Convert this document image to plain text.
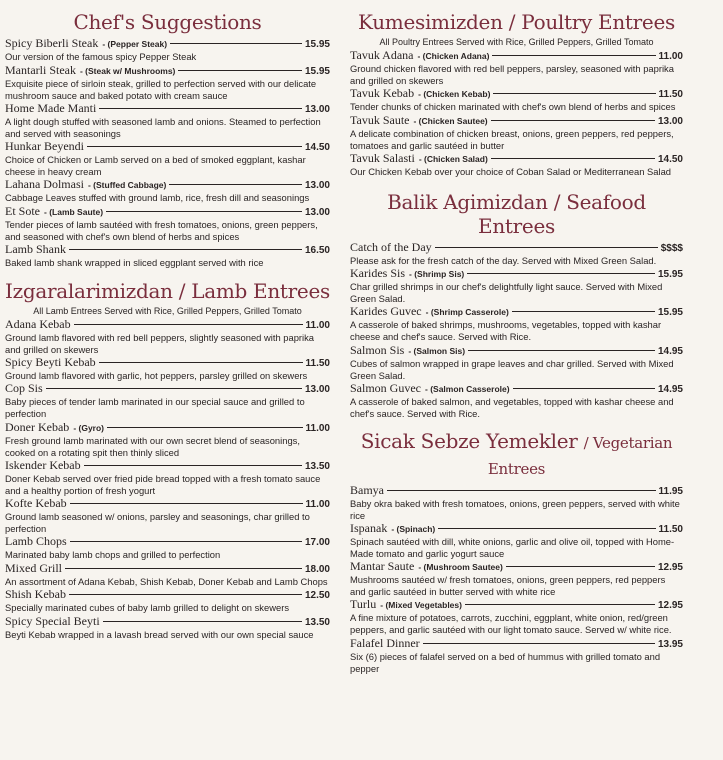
Chef's Suggestions
Spicy Biberli Steak - (Pepper Steak)	15.95
Our version of the famous spicy Pepper Steak
Mantarli Steak - (Steak w/ Mushrooms)	15.95
Exquisite piece of sirloin steak, grilled to perfection served with our delicate mushroom sauce and baked potato with cream sauce
Home Made Manti	13.00
A light dough stuffed with seasoned lamb and onions. Steamed to perfection and served with seasonings
Hunkar Beyendi	14.50
Choice of Chicken or Lamb served on a bed of smoked eggplant, kashar cheese in heavy cream
Lahana Dolmasi - (Stuffed Cabbage)	13.00
Cabbage Leaves stuffed with ground lamb, rice, fresh dill and seasonings
Et Sote - (Lamb Saute)	13.00
Tender pieces of lamb sautéed with fresh tomatoes, onions, green peppers, and seasoned with chef's own blend of herbs and spices
Lamb Shank	16.50
Baked lamb shank wrapped in sliced eggplant served with rice
Izgaralarimizdan / Lamb Entrees
All Lamb Entrees Served with Rice, Grilled Peppers, Grilled Tomato
Adana Kebab	11.00
Ground lamb flavored with red bell peppers, slightly seasoned with paprika and grilled on skewers
Spicy Beyti Kebab	11.50
Ground lamb flavored with garlic, hot peppers, parsley grilled on skewers
Cop Sis	13.00
Baby pieces of tender lamb marinated in our special sauce and grilled to perfection
Doner Kebab - (Gyro)	11.00
Fresh ground lamb marinated with our own secret blend of seasonings, cooked on a rotating spit then thinly sliced
Iskender Kebab	13.50
Doner Kebab served over fried pide bread topped with a fresh tomato sauce and a healthy portion of fresh yogurt
Kofte Kebab	11.00
Ground lamb seasoned w/ onions, parsley and seasonings, char grilled to perfection
Lamb Chops	17.00
Marinated baby lamb chops and grilled to perfection
Mixed Grill	18.00
An assortment of Adana Kebab, Shish Kebab, Doner Kebab and Lamb Chops
Shish Kebab	12.50
Specially marinated cubes of baby lamb grilled to delight on skewers
Spicy Special Beyti	13.50
Beyti Kebab wrapped in a lavash bread served with our own special sauce
Kumesimizden / Poultry Entrees
All Poultry Entrees Served with Rice, Grilled Peppers, Grilled Tomato
Tavuk Adana - (Chicken Adana)	11.00
Ground chicken flavored with red bell peppers, parsley, seasoned with paprika and grilled on skewers
Tavuk Kebab - (Chicken Kebab)	11.50
Tender chunks of chicken marinated with chef's own blend of herbs and spices
Tavuk Saute - (Chicken Sautee)	13.00
A delicate combination of chicken breast, onions, green peppers, red peppers, tomatoes and garlic sautéed in butter
Tavuk Salasti - (Chicken Salad)	14.50
Our Chicken Kebab over your choice of Coban Salad or Mediterranean Salad
Balik Agimizdan / Seafood Entrees
Catch of the Day	$$$$
Please ask for the fresh catch of the day. Served with Mixed Green Salad.
Karides Sis - (Shrimp Sis)	15.95
Char grilled shrimps in our chef's delightfully light sauce. Served with Mixed Green Salad.
Karides Guvec - (Shrimp Casserole)	15.95
A casserole of baked shrimps, mushrooms, vegetables, topped with kashar cheese and chef's sauce. Served with Rice.
Salmon Sis - (Salmon Sis)	14.95
Cubes of salmon wrapped in grape leaves and char grilled. Served with Mixed Green Salad.
Salmon Guvec - (Salmon Casserole)	14.95
A casserole of baked salmon, and vegetables, topped with kashar cheese and chef's sauce. Served with Rice.
Sicak Sebze Yemekler / Vegetarian Entrees
Bamya	11.95
Baby okra baked with fresh tomatoes, onions, green peppers, served with white rice
Ispanak - (Spinach)	11.50
Spinach sautéed with dill, white onions, garlic and olive oil, topped with Home-Made tomato and garlic yogurt sauce
Mantar Saute - (Mushroom Sautee)	12.95
Mushrooms sautéed w/ fresh tomatoes, onions, green peppers, red peppers and garlic sautéed in butter served with white rice
Turlu - (Mixed Vegetables)	12.95
A fine mixture of potatoes, carrots, zucchini, eggplant, white onion, red/green peppers, and garlic sautéed with our light tomato sauce. Served w/ white rice.
Falafel Dinner	13.95
Six (6) pieces of falafel served on a bed of hummus with grilled tomato and pepper
